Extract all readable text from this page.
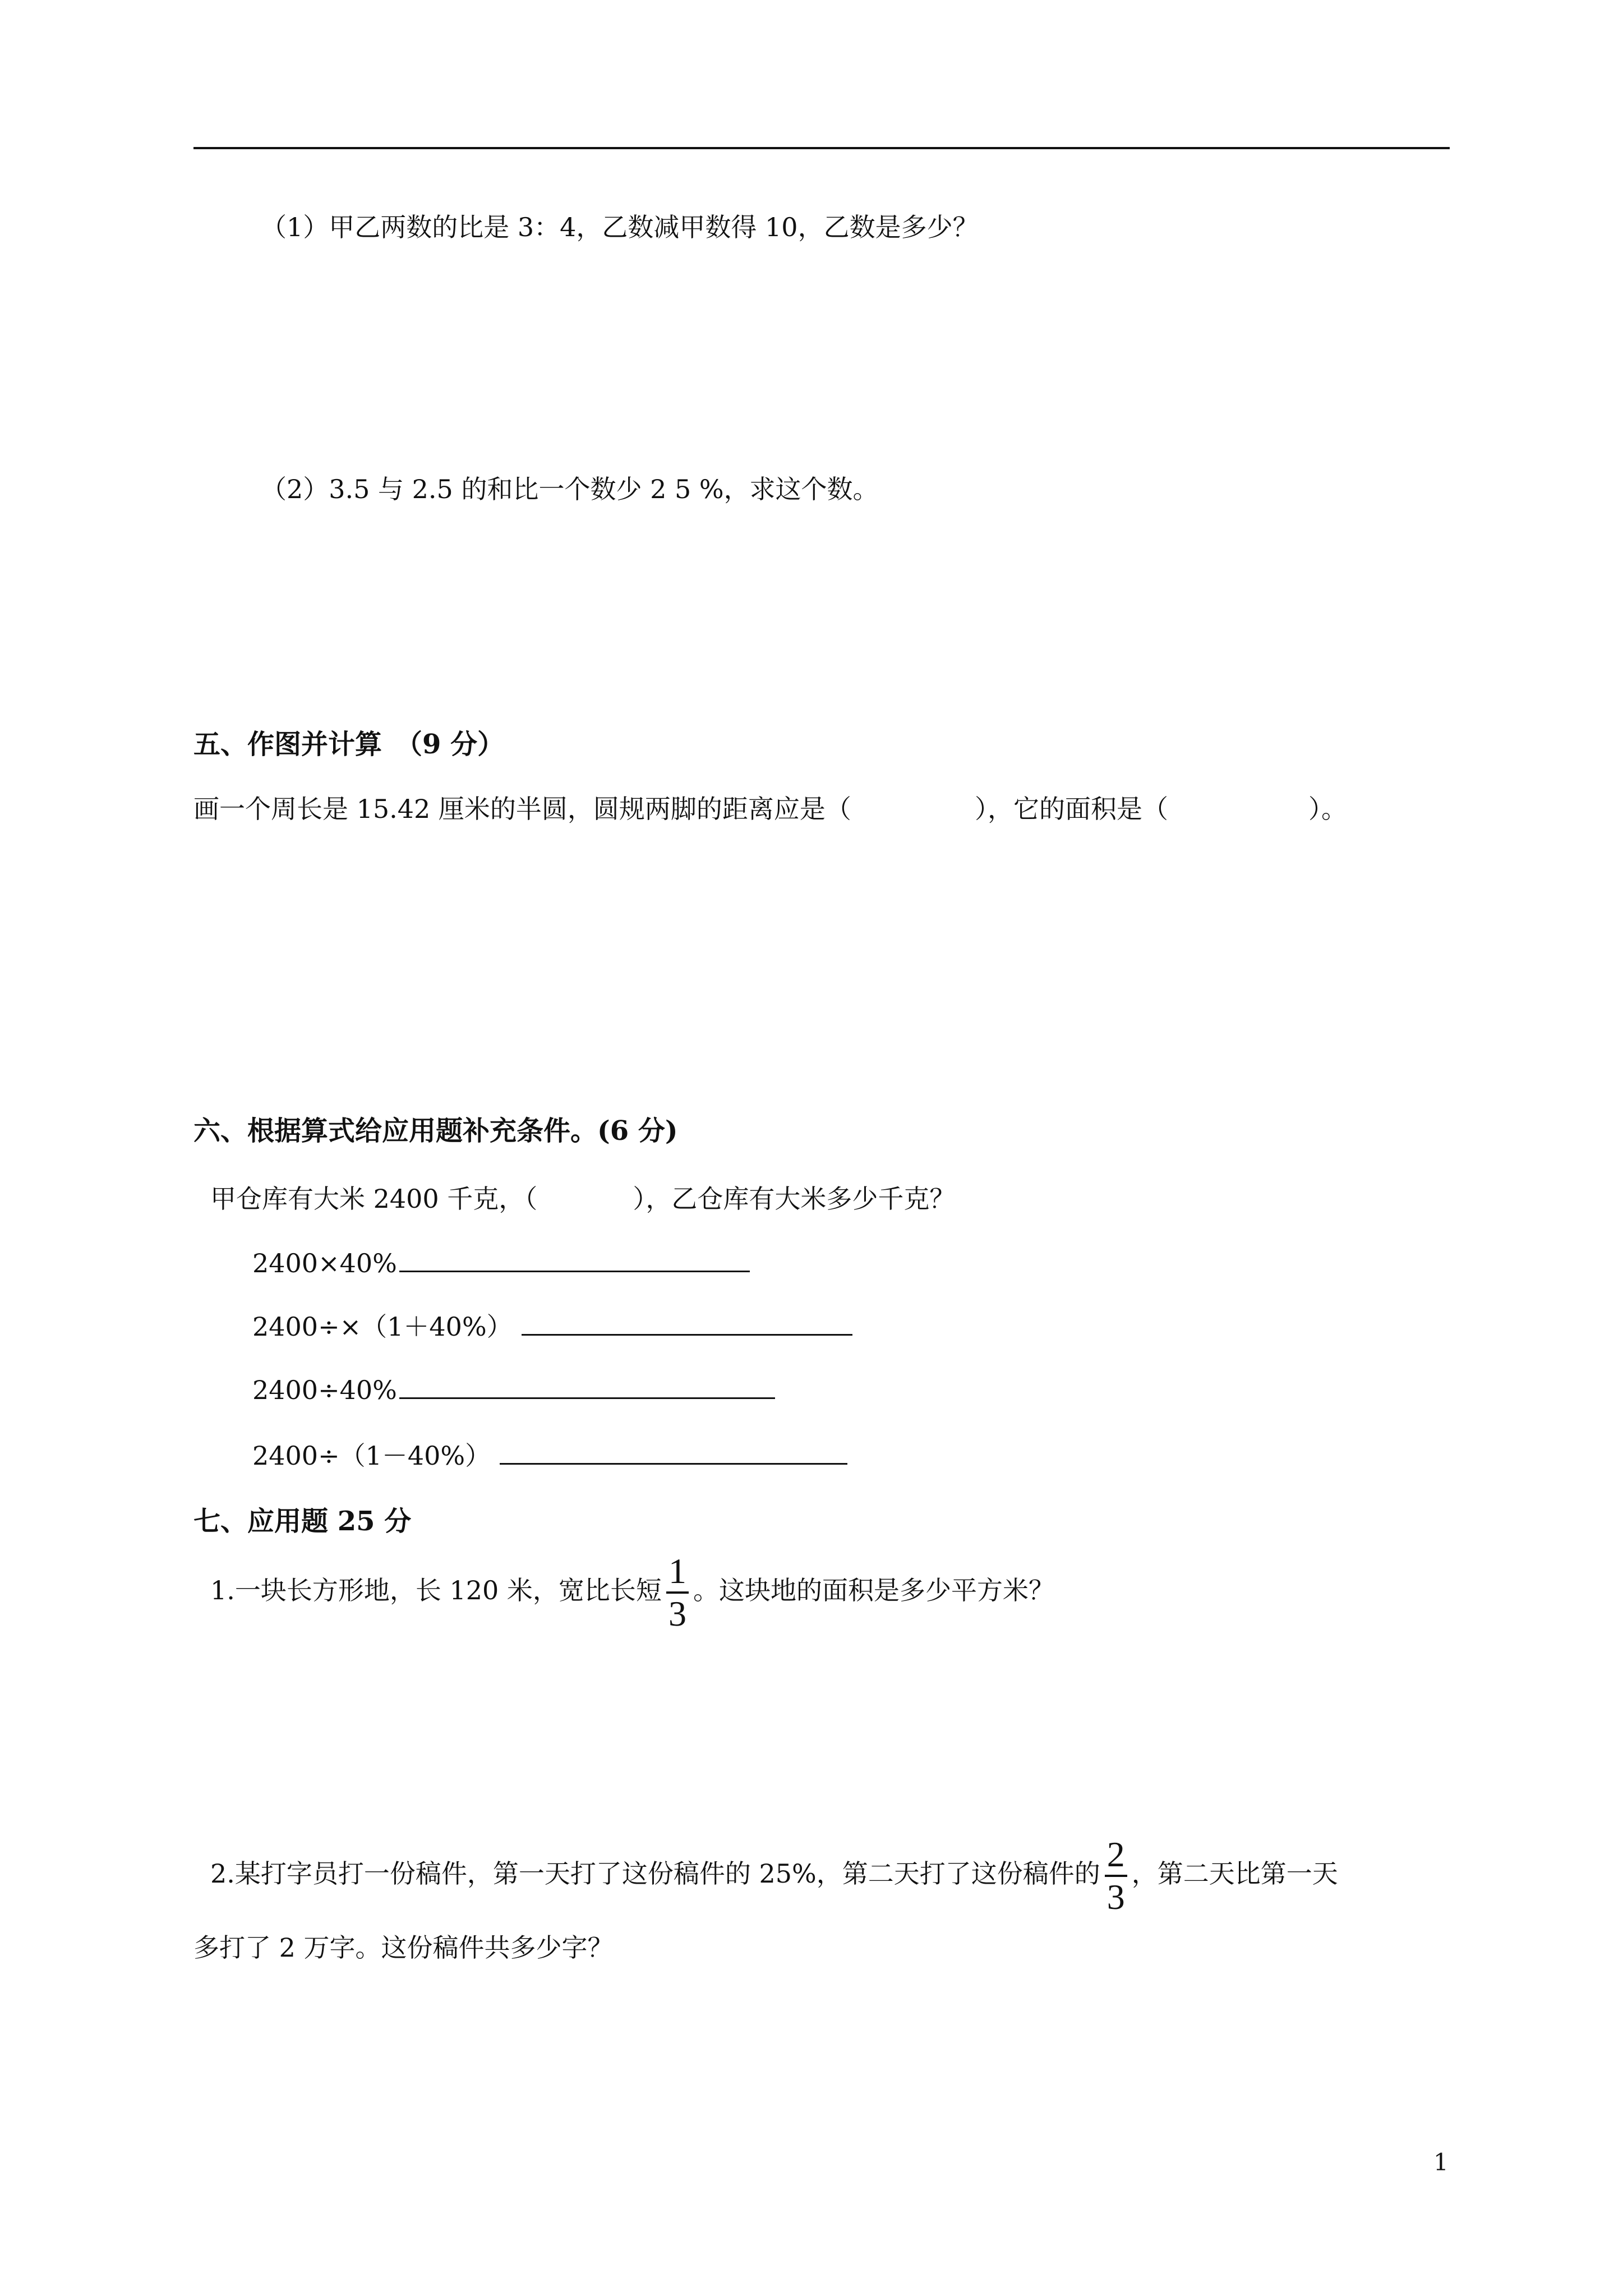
（1）甲乙两数的比是 3：4，乙数减甲数得 10，乙数是多少？
（2）3.5 与 2.5 的和比一个数少 2 5 %，求这个数。
五、作图并计算　（9 分）
画一个周长是 15.42 厘米的半圆，圆规两脚的距离应是（	），它的面积是（	）。
六、根据算式给应用题补充条件。(6 分)
甲仓库有大米 2400 千克，（	），乙仓库有大米多少千克？
2400×40%
2400÷×（1＋40%）
2400÷40%
2400÷（1－40%）
七、应用题 25 分
1.一块长方形地，长 120 米，宽比长短 $\frac{1}{3}$ 。这块地的面积是多少平方米？
2.某打字员打一份稿件，第一天打了这份稿件的 25%，第二天打了这份稿件的 $\frac{2}{3}$ ，第二天比第一天
多打了 2 万字。这份稿件共多少字？
1
